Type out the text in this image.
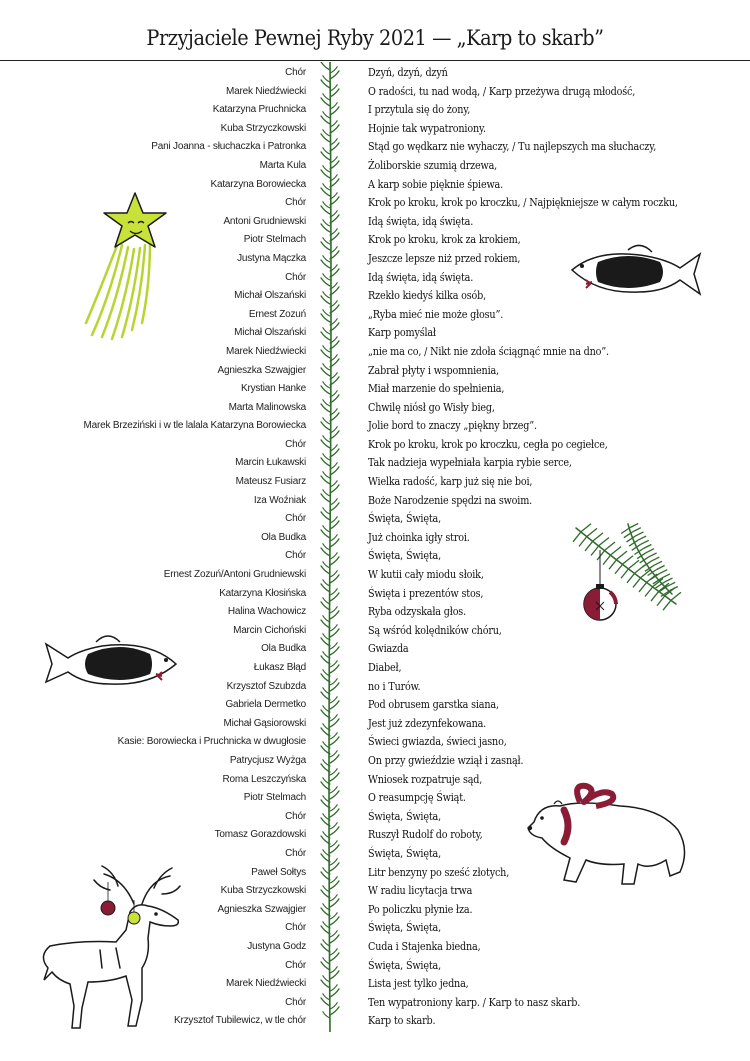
Przyjaciele Pewnej Ryby 2021 — „Karp to skarb”
Chór	Dzyń, dzyń, dzyń
Marek Niedźwiecki	O radości, tu nad wodą, / Karp przeżywa drugą młodość,
Katarzyna Pruchnicka	I przytula się do żony,
Kuba Strzyczkowski	Hojnie tak wypatroniony.
Pani Joanna - słuchaczka i Patronka	Stąd go wędkarz nie wyhaczy, / Tu najlepszych ma słuchaczy,
Marta Kula	Żoliborskie szumią drzewa,
Katarzyna Borowiecka	A karp sobie pięknie śpiewa.
Chór	Krok po kroku, krok po kroczku, / Najpiękniejsze w całym roczku,
Antoni Grudniewski	Idą święta, idą święta.
Piotr Stelmach	Krok po kroku, krok za krokiem,
Justyna Mączka	Jeszcze lepsze niż przed rokiem,
Chór	Idą święta, idą święta.
Michał Olszański	Rzekło kiedyś kilka osób,
Ernest Zozuń	„Ryba mieć nie może głosu”.
Michał Olszański	Karp pomyślał
Marek Niedźwiecki	„nie ma co, / Nikt nie zdoła ściągnąć mnie na dno”.
Agnieszka Szwajgier	Zabrał płyty i wspomnienia,
Krystian Hanke	Miał marzenie do spełnienia,
Marta Malinowska	Chwilę niósł go Wisły bieg,
Marek Brzeziński i w tle lalala Katarzyna Borowiecka	Jolie bord to znaczy „piękny brzeg”.
Chór	Krok po kroku, krok po kroczku, cegła po cegiełce,
Marcin Łukawski	Tak nadzieja wypełniała karpia rybie serce,
Mateusz Fusiarz	Wielka radość, karp już się nie boi,
Iza Woźniak	Boże Narodzenie spędzi na swoim.
Chór	Święta, Święta,
Ola Budka	Już choinka igły stroi.
Chór	Święta, Święta,
Ernest Zozuń/Antoni Grudniewski	W kutii cały miodu słoik,
Katarzyna Kłosińska	Święta i prezentów stos,
Halina Wachowicz	Ryba odzyskała głos.
Marcin Cichoński	Są wśród kolędników chóru,
Ola Budka	Gwiazda
Łukasz Błąd	Diabeł,
Krzysztof Szubzda	no i Turów.
Gabriela Dermetko	Pod obrusem garstka siana,
Michał Gąsiorowski	Jest już zdezynfekowana.
Kasie: Borowiecka i Pruchnicka w dwugłosie	Świeci gwiazda, świeci jasno,
Patrycjusz Wyżga	On przy gwieździe wziął i zasnął.
Roma Leszczyńska	Wniosek rozpatruje sąd,
Piotr Stelmach	O reasumpcję Świąt.
Chór	Święta, Święta,
Tomasz Gorazdowski	Ruszył Rudolf do roboty,
Chór	Święta, Święta,
Paweł Sołtys	Litr benzyny po sześć złotych,
Kuba Strzyczkowski	W radiu licytacja trwa
Agnieszka Szwajgier	Po policzku płynie łza.
Chór	Święta, Święta,
Justyna Godz	Cuda i Stajenka biedna,
Chór	Święta, Święta,
Marek Niedźwiecki	Lista jest tylko jedna,
Chór	Ten wypatroniony karp. / Karp to nasz skarb.
Krzysztof Tubilewicz, w tle chór	Karp to skarb.
